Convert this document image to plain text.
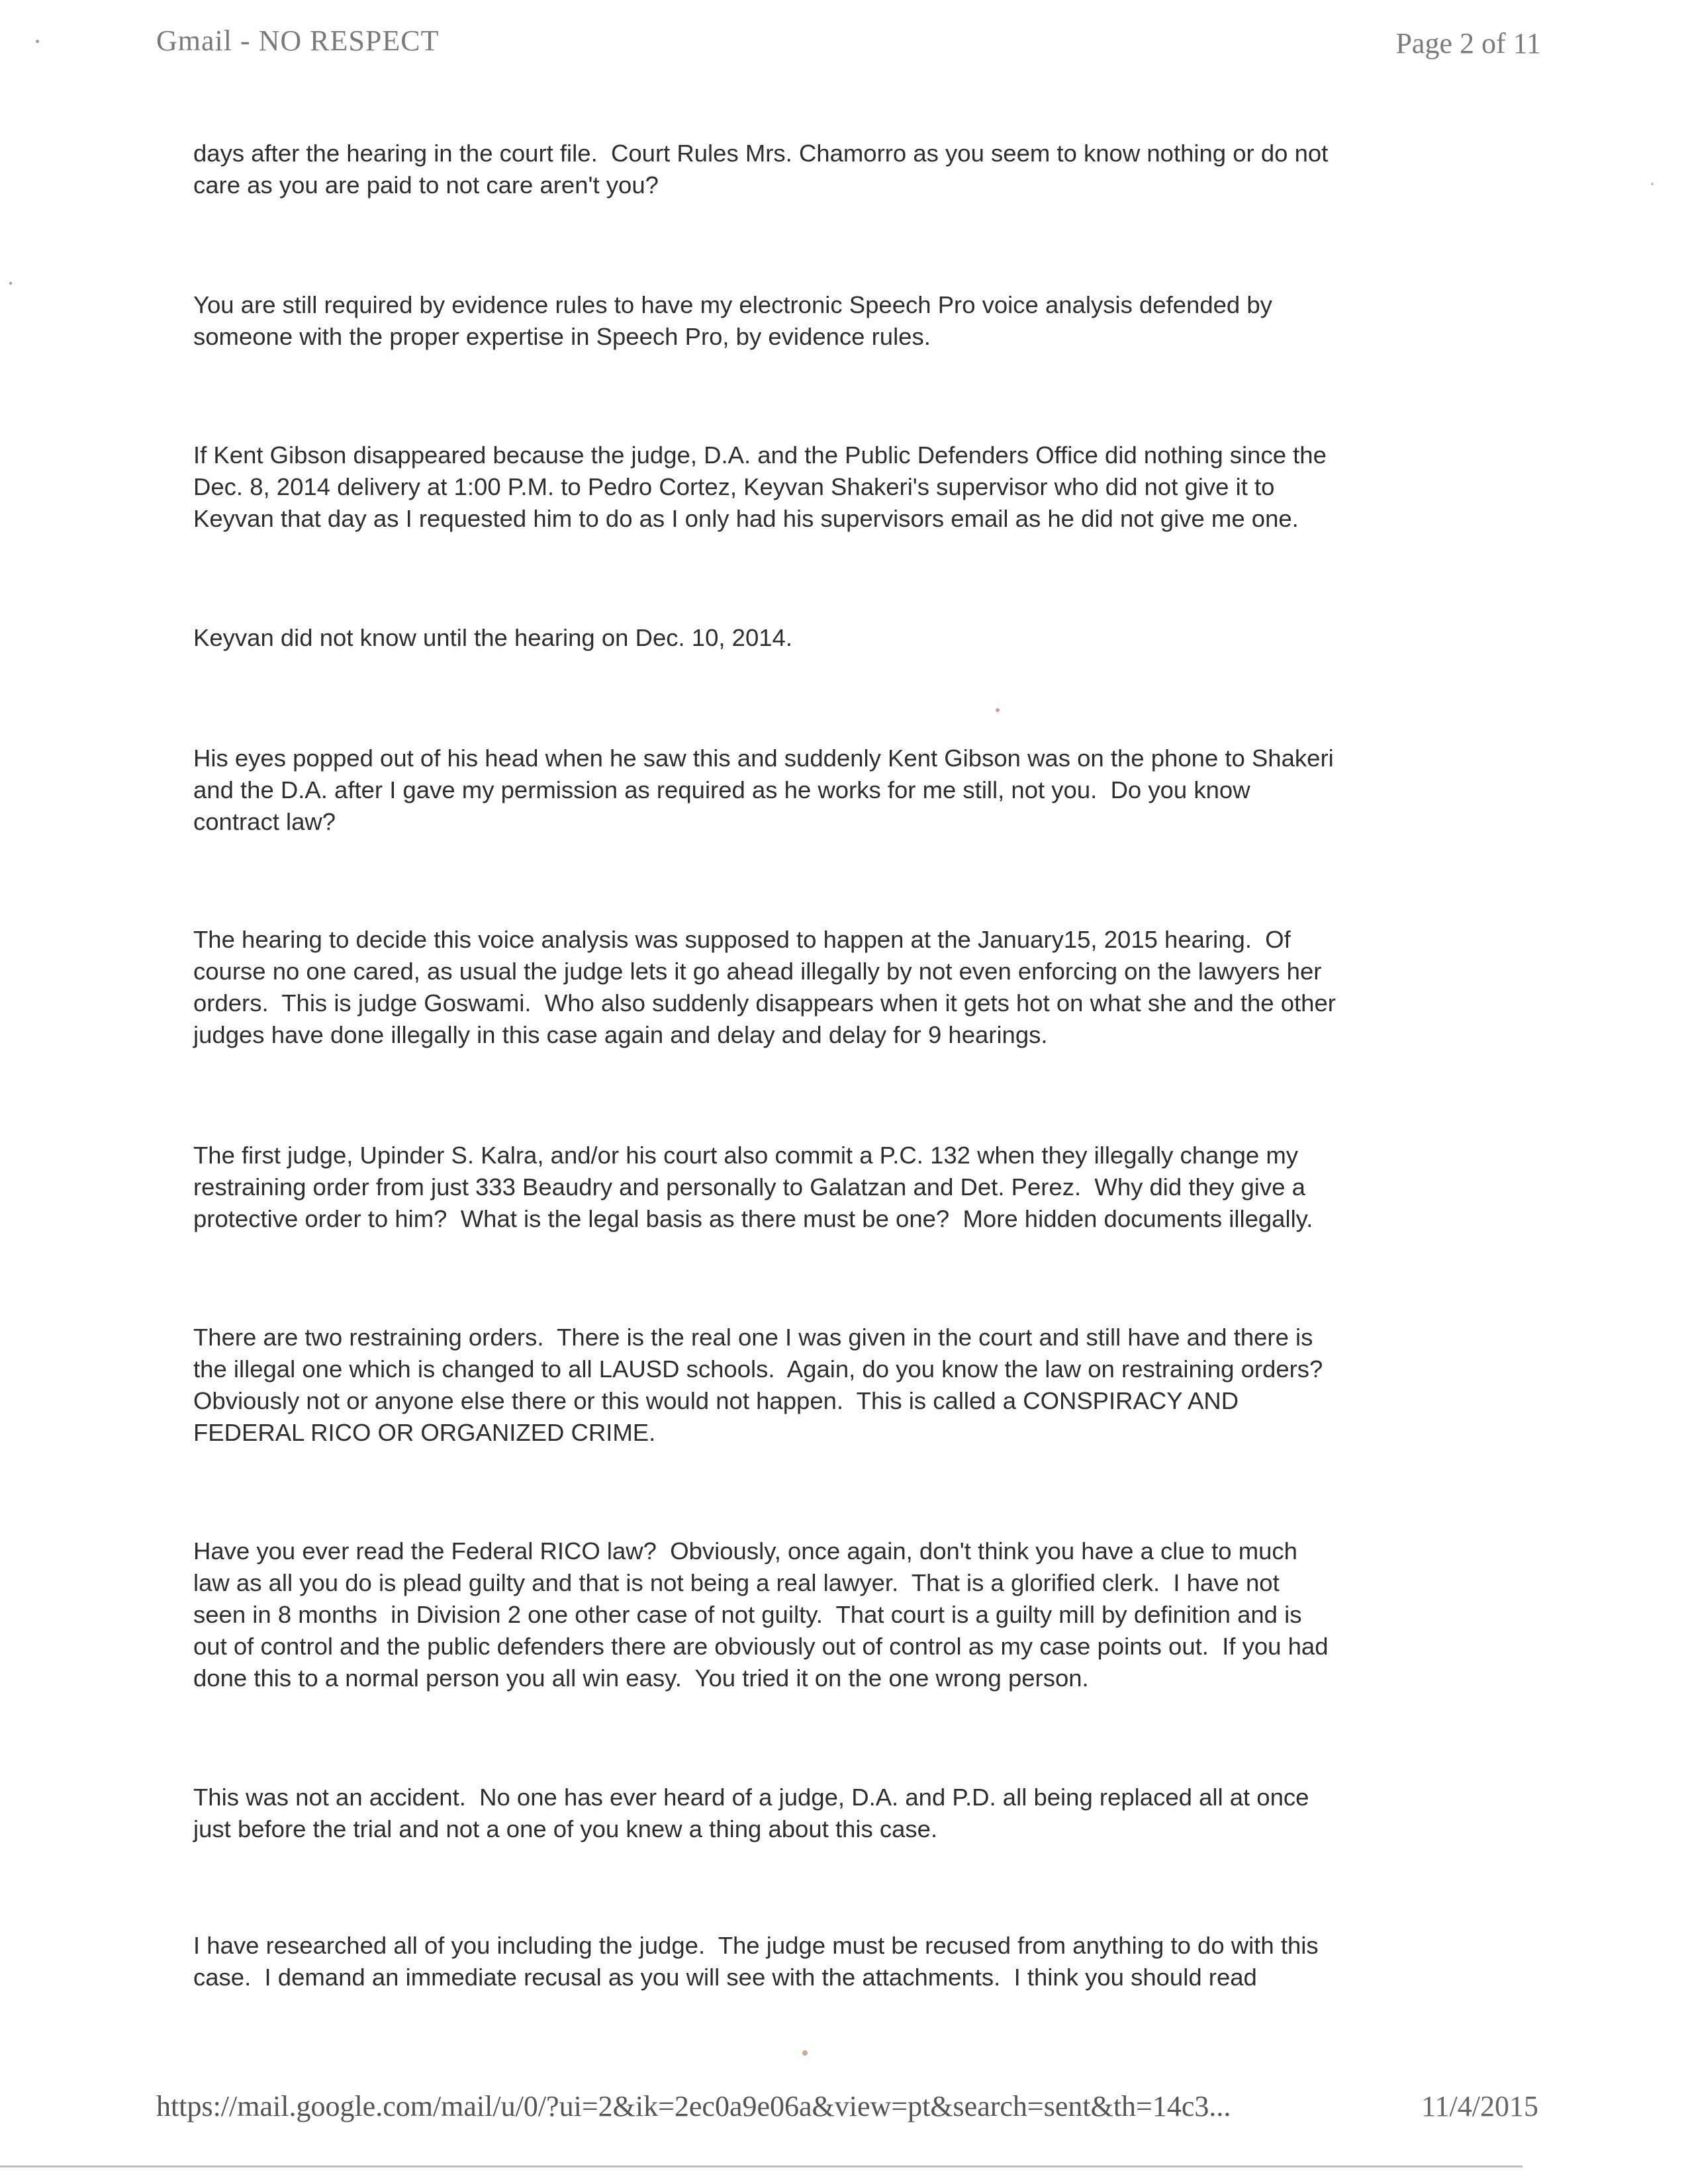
Gmail - NO RESPECT	Page 2 of 11

days after the hearing in the court file.  Court Rules Mrs. Chamorro as you seem to know nothing or do not
care as you are paid to not care aren't you?

You are still required by evidence rules to have my electronic Speech Pro voice analysis defended by
someone with the proper expertise in Speech Pro, by evidence rules.

If Kent Gibson disappeared because the judge, D.A. and the Public Defenders Office did nothing since the
Dec. 8, 2014 delivery at 1:00 P.M. to Pedro Cortez, Keyvan Shakeri's supervisor who did not give it to
Keyvan that day as I requested him to do as I only had his supervisors email as he did not give me one.

Keyvan did not know until the hearing on Dec. 10, 2014.

His eyes popped out of his head when he saw this and suddenly Kent Gibson was on the phone to Shakeri
and the D.A. after I gave my permission as required as he works for me still, not you.  Do you know
contract law?

The hearing to decide this voice analysis was supposed to happen at the January15, 2015 hearing.  Of
course no one cared, as usual the judge lets it go ahead illegally by not even enforcing on the lawyers her
orders.  This is judge Goswami.  Who also suddenly disappears when it gets hot on what she and the other
judges have done illegally in this case again and delay and delay for 9 hearings.

The first judge, Upinder S. Kalra, and/or his court also commit a P.C. 132 when they illegally change my
restraining order from just 333 Beaudry and personally to Galatzan and Det. Perez.  Why did they give a
protective order to him?  What is the legal basis as there must be one?  More hidden documents illegally.

There are two restraining orders.  There is the real one I was given in the court and still have and there is
the illegal one which is changed to all LAUSD schools.  Again, do you know the law on restraining orders?
Obviously not or anyone else there or this would not happen.  This is called a CONSPIRACY AND
FEDERAL RICO OR ORGANIZED CRIME.

Have you ever read the Federal RICO law?  Obviously, once again, don't think you have a clue to much
law as all you do is plead guilty and that is not being a real lawyer.  That is a glorified clerk.  I have not
seen in 8 months  in Division 2 one other case of not guilty.  That court is a guilty mill by definition and is
out of control and the public defenders there are obviously out of control as my case points out.  If you had
done this to a normal person you all win easy.  You tried it on the one wrong person.

This was not an accident.  No one has ever heard of a judge, D.A. and P.D. all being replaced all at once
just before the trial and not a one of you knew a thing about this case.

I have researched all of you including the judge.  The judge must be recused from anything to do with this
case.  I demand an immediate recusal as you will see with the attachments.  I think you should read

https://mail.google.com/mail/u/0/?ui=2&ik=2ec0a9e06a&view=pt&search=sent&th=14c3...	11/4/2015
